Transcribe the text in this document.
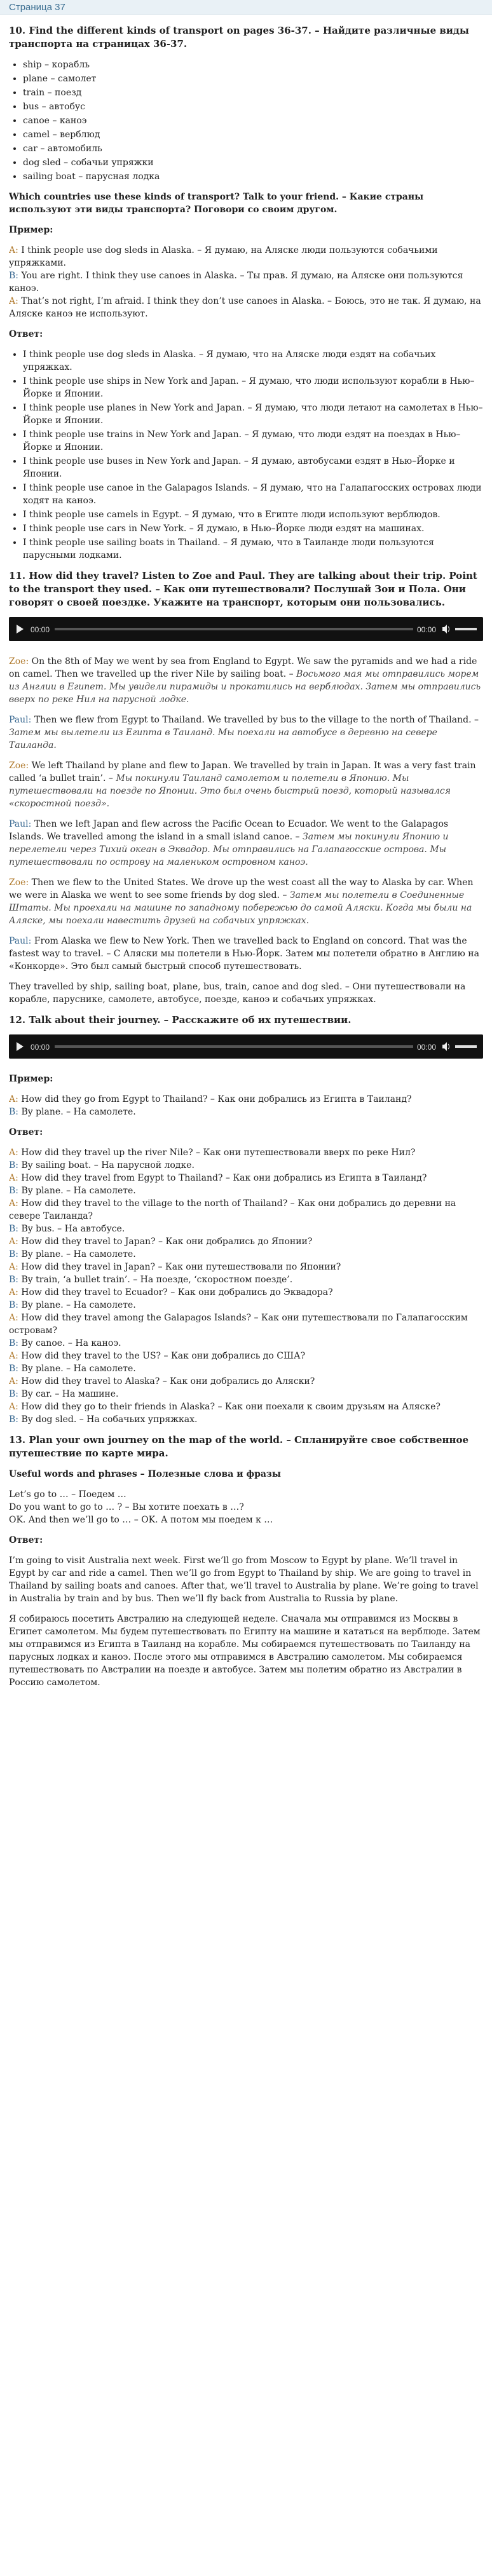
Страница 37
10. Find the different kinds of transport on pages 36-37. – Найдите различные виды транспорта на страницах 36-37.
• ship – корабль
• plane – самолет
• train – поезд
• bus – автобус
• canoe – каноэ
• camel – верблюд
• car – автомобиль
• dog sled – собачьи упряжки
• sailing boat – парусная лодка

Which countries use these kinds of transport? Talk to your friend. – Какие страны используют эти виды транспорта? Поговори со своим другом.

Пример:

A: I think people use dog sleds in Alaska. – Я думаю, на Аляске люди пользуются собачьими упряжками.
B: You are right. I think they use canoes in Alaska. – Ты прав. Я думаю, на Аляске они пользуются каноэ.
A: That’s not right, I’m afraid. I think they don’t use canoes in Alaska. – Боюсь, это не так. Я думаю, на Аляске каноэ не используют.

Ответ:

• I think people use dog sleds in Alaska. – Я думаю, что на Аляске люди ездят на собачьих упряжках.
• I think people use ships in New York and Japan. – Я думаю, что люди используют корабли в Нью–Йорке и Японии.
• I think people use planes in New York and Japan. – Я думаю, что люди летают на самолетах в Нью–Йорке и Японии.
• I think people use trains in New York and Japan. – Я думаю, что люди ездят на поездах в Нью–Йорке и Японии.
• I think people use buses in New York and Japan. – Я думаю, автобусами ездят в Нью–Йорке и Японии.
• I think people use canoe in the Galapagos Islands. – Я думаю, что на Галапагосских островах люди ходят на каноэ.
• I think people use camels in Egypt. – Я думаю, что в Египте люди используют верблюдов.
• I think people use cars in New York. – Я думаю, в Нью–Йорке люди ездят на машинах.
• I think people use sailing boats in Thailand. – Я думаю, что в Таиланде люди пользуются парусными лодками.
11. How did they travel? Listen to Zoe and Paul. They are talking about their trip. Point to the transport they used. – Как они путешествовали? Послушай Зои и Пола. Они говорят о своей поездке. Укажите на транспорт, которым они пользовались.
00:00	00:00

Zoe: On the 8th of May we went by sea from England to Egypt. We saw the pyramids and we had a ride on camel. Then we travelled up the river Nile by sailing boat. – Восьмого мая мы отправились морем из Англии в Египет. Мы увидели пирамиды и прокатились на верблюдах. Затем мы отправились вверх по реке Нил на парусной лодке.

Paul: Then we flew from Egypt to Thailand. We travelled by bus to the village to the north of Thailand. – Затем мы вылетели из Египта в Таиланд. Мы поехали на автобусе в деревню на севере Таиланда.

Zoe: We left Thailand by plane and flew to Japan. We travelled by train in Japan. It was a very fast train called ‘a bullet train’. – Мы покинули Таиланд самолетом и полетели в Японию. Мы путешествовали на поезде по Японии. Это был очень быстрый поезд, который назывался «скоростной поезд».

Paul: Then we left Japan and flew across the Pacific Ocean to Ecuador. We went to the Galapagos Islands. We travelled among the island in a small island canoe. – Затем мы покинули Японию и перелетели через Тихий океан в Эквадор. Мы отправились на Галапагосские острова. Мы путешествовали по острову на маленьком островном каноэ.

Zoe: Then we flew to the United States. We drove up the west coast all the way to Alaska by car. When we were in Alaska we went to see some friends by dog sled. – Затем мы полетели в Соединенные Штаты. Мы проехали на машине по западному побережью до самой Аляски. Когда мы были на Аляске, мы поехали навестить друзей на собачьих упряжках.

Paul: From Alaska we flew to New York. Then we travelled back to England on concord. That was the fastest way to travel. – С Аляски мы полетели в Нью-Йорк. Затем мы полетели обратно в Англию на «Конкорде». Это был самый быстрый способ путешествовать.

They travelled by ship, sailing boat, plane, bus, train, canoe and dog sled. – Они путешествовали на корабле, паруснике, самолете, автобусе, поезде, каноэ и собачьих упряжках.

12. Talk about their journey. – Расскажите об их путешествии.
00:00	00:00

Пример:

A: How did they go from Egypt to Thailand? – Как они добрались из Египта в Таиланд?
B: By plane. – На самолете.

Ответ:

A: How did they travel up the river Nile? – Как они путешествовали вверх по реке Нил?
B: By sailing boat. – На парусной лодке.
A: How did they travel from Egypt to Thailand? – Как они добрались из Египта в Таиланд?
B: By plane. – На самолете.
A: How did they travel to the village to the north of Thailand? – Как они добрались до деревни на севере Таиланда?
B: By bus. – На автобусе.
A: How did they travel to Japan? – Как они добрались до Японии?
B: By plane. – На самолете.
A: How did they travel in Japan? – Как они путешествовали по Японии?
B: By train, ‘a bullet train’. – На поезде, ‘скоростном поезде’.
A: How did they travel to Ecuador? – Как они добрались до Эквадора?
B: By plane. – На самолете.
A: How did they travel among the Galapagos Islands? – Как они путешествовали по Галапагосским островам?
B: By canoe. – На каноэ.
A: How did they travel to the US? – Как они добрались до США?
B: By plane. – На самолете.
A: How did they travel to Alaska? – Как они добрались до Аляски?
B: By car. – На машине.
A: How did they go to their friends in Alaska? – Как они поехали к своим друзьям на Аляске?
B: By dog sled. – На собачьих упряжках.

13. Plan your own journey on the map of the world. – Спланируйте свое собственное путешествие по карте мира.

Useful words and phrases – Полезные слова и фразы

Let’s go to … – Поедем …
Do you want to go to … ? – Вы хотите поехать в …?
OK. And then we’ll go to … – OK. А потом мы поедем к …

Ответ:

I’m going to visit Australia next week. First we’ll go from Moscow to Egypt by plane. We’ll travel in Egypt by car and ride a camel. Then we’ll go from Egypt to Thailand by ship. We are going to travel in Thailand by sailing boats and canoes. After that, we’ll travel to Australia by plane. We’re going to travel in Australia by train and by bus. Then we’ll fly back from Australia to Russia by plane.

Я собираюсь посетить Австралию на следующей неделе. Сначала мы отправимся из Москвы в Египет самолетом. Мы будем путешествовать по Египту на машине и кататься на верблюде. Затем мы отправимся из Египта в Таиланд на корабле. Мы собираемся путешествовать по Таиланду на парусных лодках и каноэ. После этого мы отправимся в Австралию самолетом. Мы собираемся путешествовать по Австралии на поезде и автобусе. Затем мы полетим обратно из Австралии в Россию самолетом.
